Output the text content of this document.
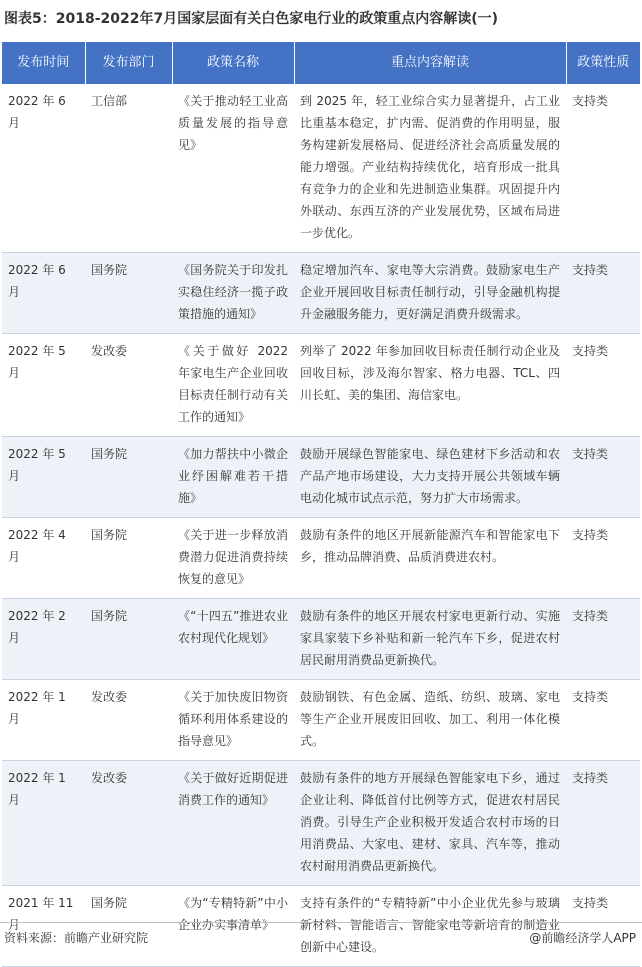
图表5：2018-2022年7月国家层面有关白色家电行业的政策重点内容解读(一)
发布时间	发布部门	政策名称	重点内容解读	政策性质
2022 年 6 月	工信部	《关于推动轻工业高质量发展的指导意见》	到 2025 年，轻工业综合实力显著提升，占工业比重基本稳定，扩内需、促消费的作用明显，服务构建新发展格局、促进经济社会高质量发展的能力增强。产业结构持续优化，培育形成一批具有竞争力的企业和先进制造业集群。巩固提升内外联动、东西互济的产业发展优势，区域布局进一步优化。	支持类
2022 年 6 月	国务院	《国务院关于印发扎实稳住经济一揽子政策措施的通知》	稳定增加汽车、家电等大宗消费。鼓励家电生产企业开展回收目标责任制行动，引导金融机构提升金融服务能力，更好满足消费升级需求。	支持类
2022 年 5 月	发改委	《关于做好 2022 年家电生产企业回收目标责任制行动有关工作的通知》	列举了 2022 年参加回收目标责任制行动企业及回收目标，涉及海尔智家、格力电器、TCL、四川长虹、美的集团、海信家电。	支持类
2022 年 5 月	国务院	《加力帮扶中小微企业纾困解难若干措施》	鼓励开展绿色智能家电、绿色建材下乡活动和农产品产地市场建设，大力支持开展公共领域车辆电动化城市试点示范，努力扩大市场需求。	支持类
2022 年 4 月	国务院	《关于进一步释放消费潜力促进消费持续恢复的意见》	鼓励有条件的地区开展新能源汽车和智能家电下乡，推动品牌消费、品质消费进农村。	支持类
2022 年 2 月	国务院	《“十四五”推进农业农村现代化规划》	鼓励有条件的地区开展农村家电更新行动、实施家具家装下乡补贴和新一轮汽车下乡，促进农村居民耐用消费品更新换代。	支持类
2022 年 1 月	发改委	《关于加快废旧物资循环利用体系建设的指导意见》	鼓励钢铁、有色金属、造纸、纺织、玻璃、家电等生产企业开展废旧回收、加工、利用一体化模式。	支持类
2022 年 1 月	发改委	《关于做好近期促进消费工作的通知》	鼓励有条件的地方开展绿色智能家电下乡，通过企业让利、降低首付比例等方式，促进农村居民消费。引导生产企业积极开发适合农村市场的日用消费品、大家电、建材、家具、汽车等，推动农村耐用消费品更新换代。	支持类
2021 年 11 月	国务院	《为“专精特新”中小企业办实事清单》	支持有条件的“专精特新”中小企业优先参与玻璃新材料、智能语言、智能家电等新培育的制造业创新中心建设。	支持类
资料来源：前瞻产业研究院	@前瞻经济学人APP
